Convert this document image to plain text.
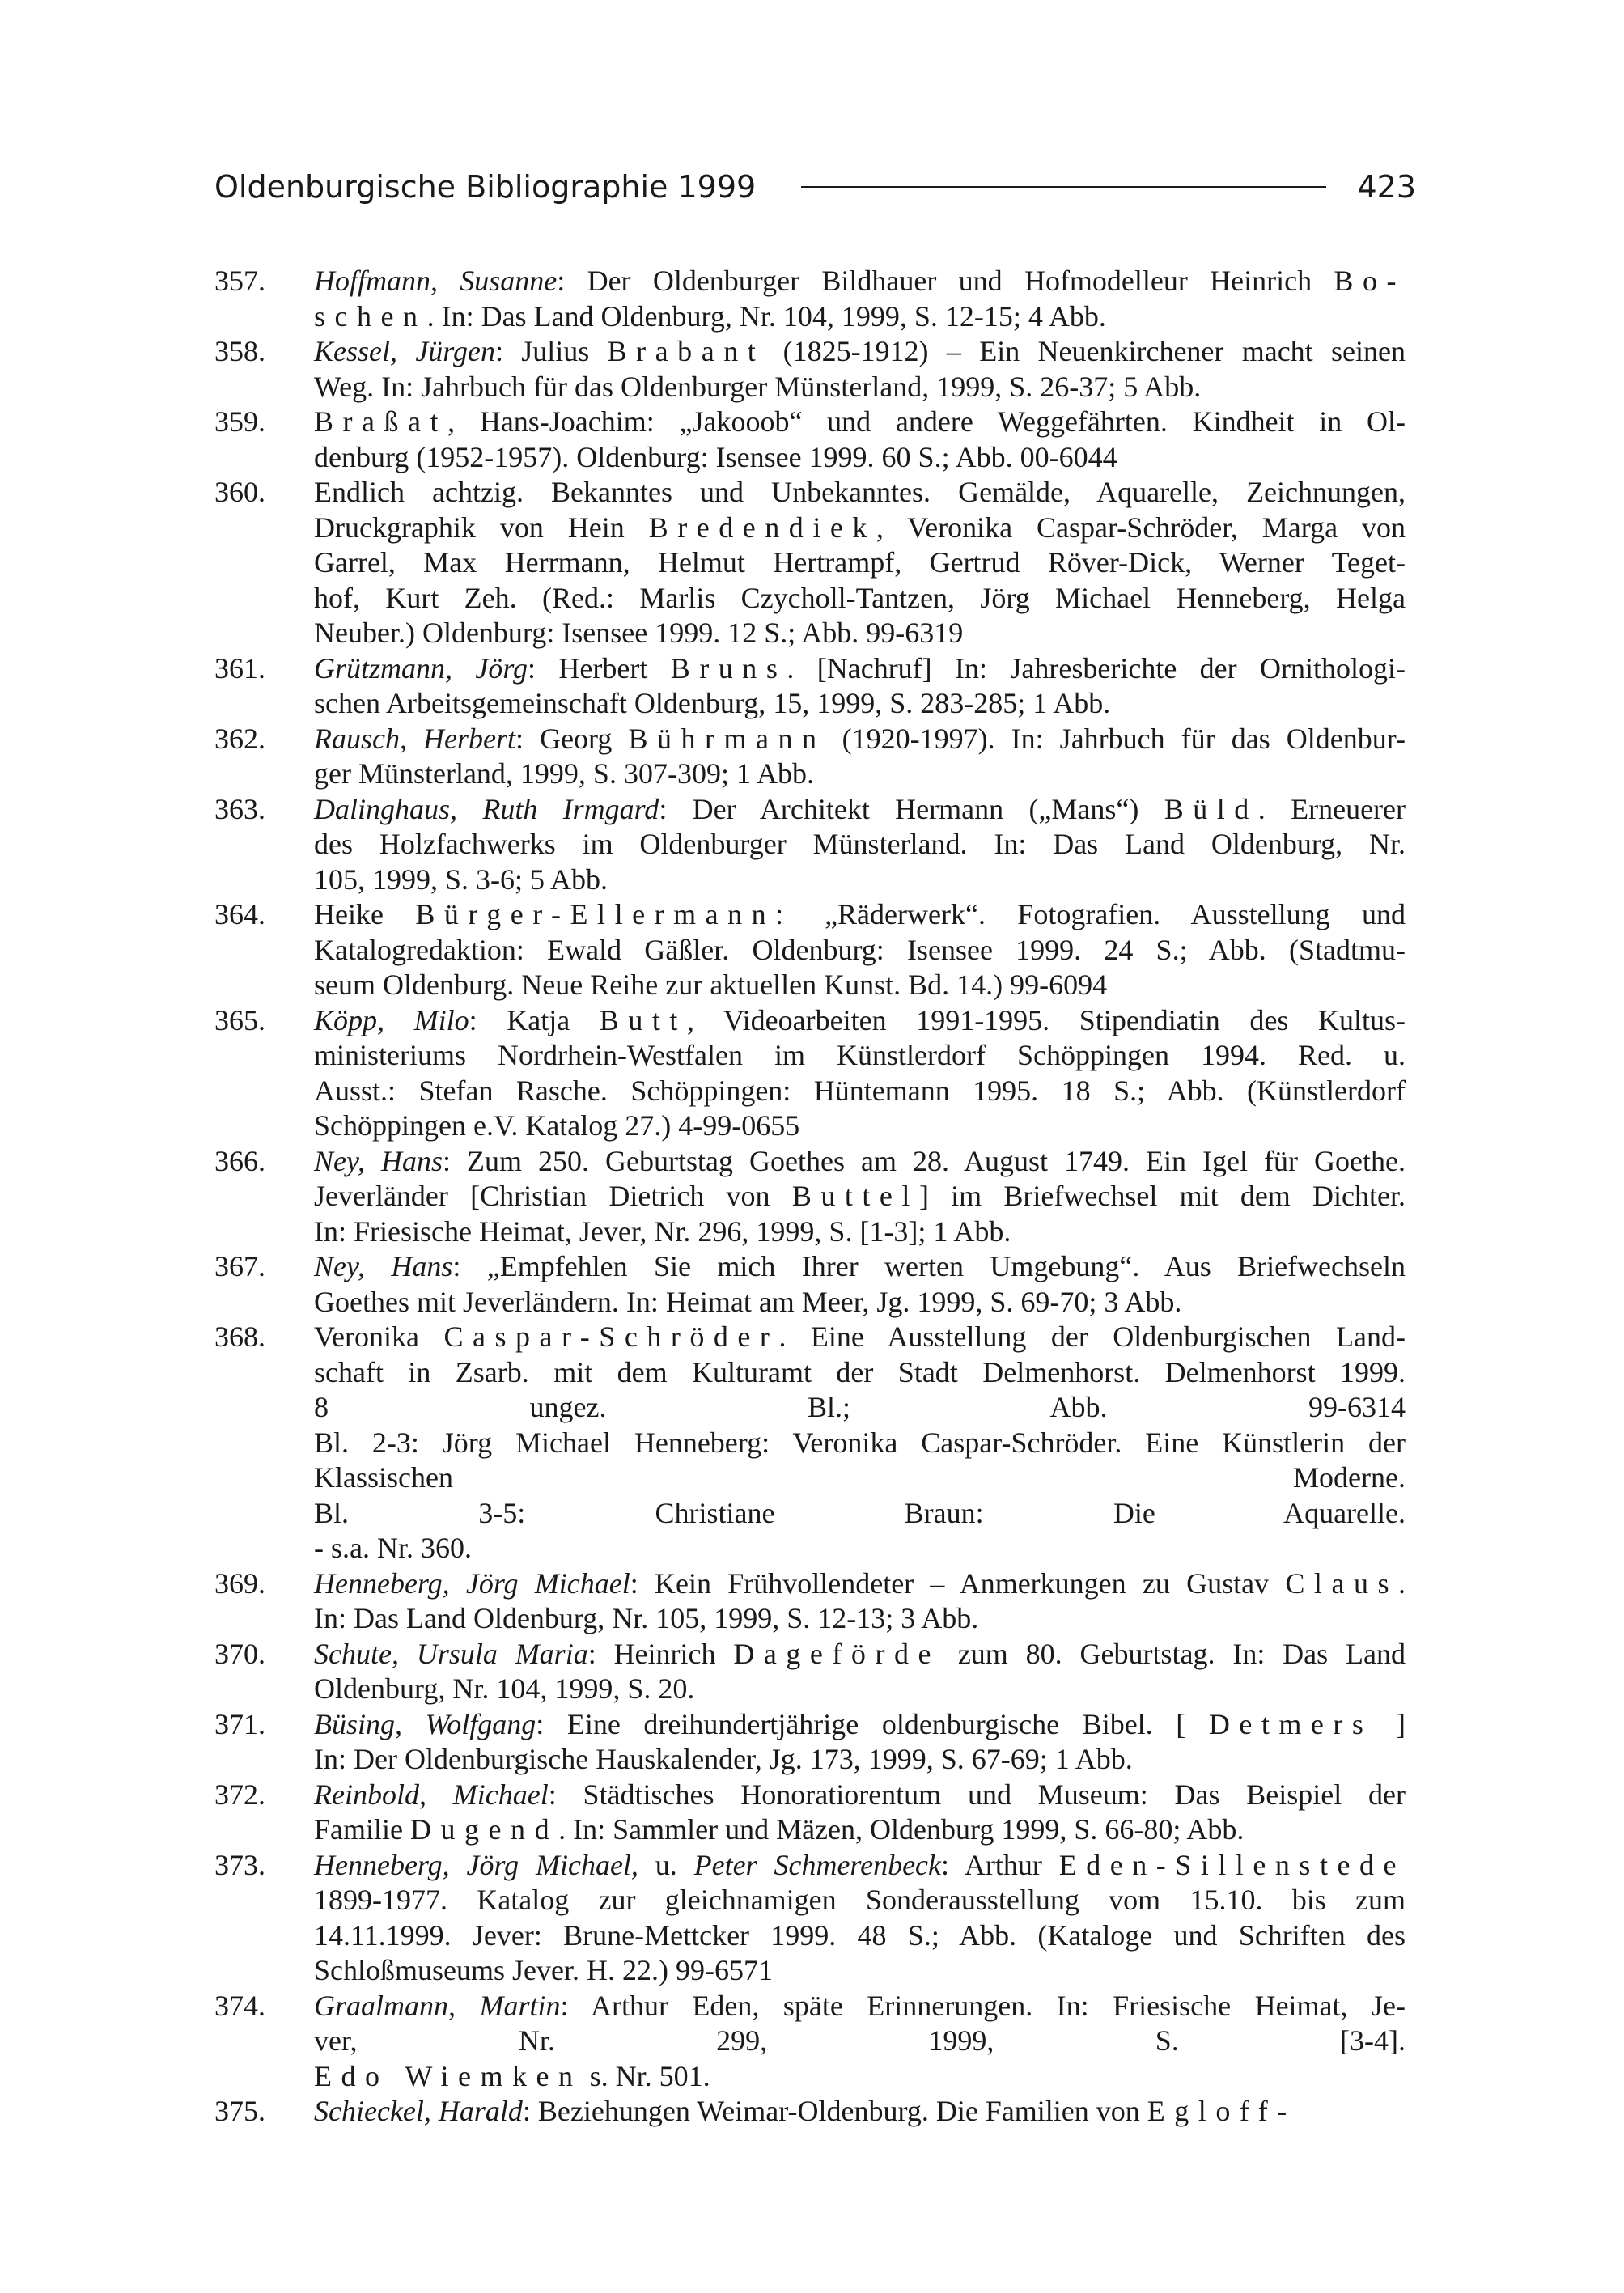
Oldenburgische Bibliographie 1999	423
357.	Hoffmann, Susanne: Der Oldenburger Bildhauer und Hofmodelleur Heinrich Bo-
schen. In: Das Land Oldenburg, Nr. 104, 1999, S. 12-15; 4 Abb.
358.	Kessel, Jürgen: Julius Brabant (1825-1912) – Ein Neuenkirchener macht seinen
Weg. In: Jahrbuch für das Oldenburger Münsterland, 1999, S. 26-37; 5 Abb.
359.	Braßat, Hans-Joachim: „Jakooob“ und andere Weggefährten. Kindheit in Ol-
denburg (1952-1957). Oldenburg: Isensee 1999. 60 S.; Abb. 00-6044
360.	Endlich achtzig. Bekanntes und Unbekanntes. Gemälde, Aquarelle, Zeichnungen,
Druckgraphik von Hein Bredendiek, Veronika Caspar-Schröder, Marga von
Garrel, Max Herrmann, Helmut Hertrampf, Gertrud Röver-Dick, Werner Teget-
hof, Kurt Zeh. (Red.: Marlis Czycholl-Tantzen, Jörg Michael Henneberg, Helga
Neuber.) Oldenburg: Isensee 1999. 12 S.; Abb. 99-6319
361.	Grützmann, Jörg: Herbert Bruns. [Nachruf] In: Jahresberichte der Ornithologi-
schen Arbeitsgemeinschaft Oldenburg, 15, 1999, S. 283-285; 1 Abb.
362.	Rausch, Herbert: Georg Bührmann (1920-1997). In: Jahrbuch für das Oldenbur-
ger Münsterland, 1999, S. 307-309; 1 Abb.
363.	Dalinghaus, Ruth Irmgard: Der Architekt Hermann („Mans“) Büld. Erneuerer
des Holzfachwerks im Oldenburger Münsterland. In: Das Land Oldenburg, Nr.
105, 1999, S. 3-6; 5 Abb.
364.	Heike Bürger-Ellermann: „Räderwerk“. Fotografien. Ausstellung und
Katalogredaktion: Ewald Gäßler. Oldenburg: Isensee 1999. 24 S.; Abb. (Stadtmu-
seum Oldenburg. Neue Reihe zur aktuellen Kunst. Bd. 14.) 99-6094
365.	Köpp, Milo: Katja Butt, Videoarbeiten 1991-1995. Stipendiatin des Kultus-
ministeriums Nordrhein-Westfalen im Künstlerdorf Schöppingen 1994. Red. u.
Ausst.: Stefan Rasche. Schöppingen: Hüntemann 1995. 18 S.; Abb. (Künstlerdorf
Schöppingen e.V. Katalog 27.) 4-99-0655
366.	Ney, Hans: Zum 250. Geburtstag Goethes am 28. August 1749. Ein Igel für Goethe.
Jeverländer [Christian Dietrich von Buttel] im Briefwechsel mit dem Dichter.
In: Friesische Heimat, Jever, Nr. 296, 1999, S. [1-3]; 1 Abb.
367.	Ney, Hans: „Empfehlen Sie mich Ihrer werten Umgebung“. Aus Briefwechseln
Goethes mit Jeverländern. In: Heimat am Meer, Jg. 1999, S. 69-70; 3 Abb.
368.	Veronika Caspar-Schröder. Eine Ausstellung der Oldenburgischen Land-
schaft in Zsarb. mit dem Kulturamt der Stadt Delmenhorst. Delmenhorst 1999.
8 ungez. Bl.; Abb. 99-6314
Bl. 2-3: Jörg Michael Henneberg: Veronika Caspar-Schröder. Eine Künstlerin der
Klassischen Moderne.
Bl. 3-5: Christiane Braun: Die Aquarelle.
- s.a. Nr. 360.
369.	Henneberg, Jörg Michael: Kein Frühvollendeter – Anmerkungen zu Gustav Claus.
In: Das Land Oldenburg, Nr. 105, 1999, S. 12-13; 3 Abb.
370.	Schute, Ursula Maria: Heinrich Dageförde zum 80. Geburtstag. In: Das Land
Oldenburg, Nr. 104, 1999, S. 20.
371.	Büsing, Wolfgang: Eine dreihundertjährige oldenburgische Bibel. [ Detmers ]
In: Der Oldenburgische Hauskalender, Jg. 173, 1999, S. 67-69; 1 Abb.
372.	Reinbold, Michael: Städtisches Honoratiorentum und Museum: Das Beispiel der
Familie Dugend. In: Sammler und Mäzen, Oldenburg 1999, S. 66-80; Abb.
373.	Henneberg, Jörg Michael, u. Peter Schmerenbeck: Arthur Eden-Sillenstede
1899-1977. Katalog zur gleichnamigen Sonderausstellung vom 15.10. bis zum
14.11.1999. Jever: Brune-Mettcker 1999. 48 S.; Abb. (Kataloge und Schriften des
Schloßmuseums Jever. H. 22.) 99-6571
374.	Graalmann, Martin: Arthur Eden, späte Erinnerungen. In: Friesische Heimat, Je-
ver, Nr. 299, 1999, S. [3-4].
Edo Wiemken s. Nr. 501.
375.	Schieckel, Harald: Beziehungen Weimar-Oldenburg. Die Familien von Egloff-
